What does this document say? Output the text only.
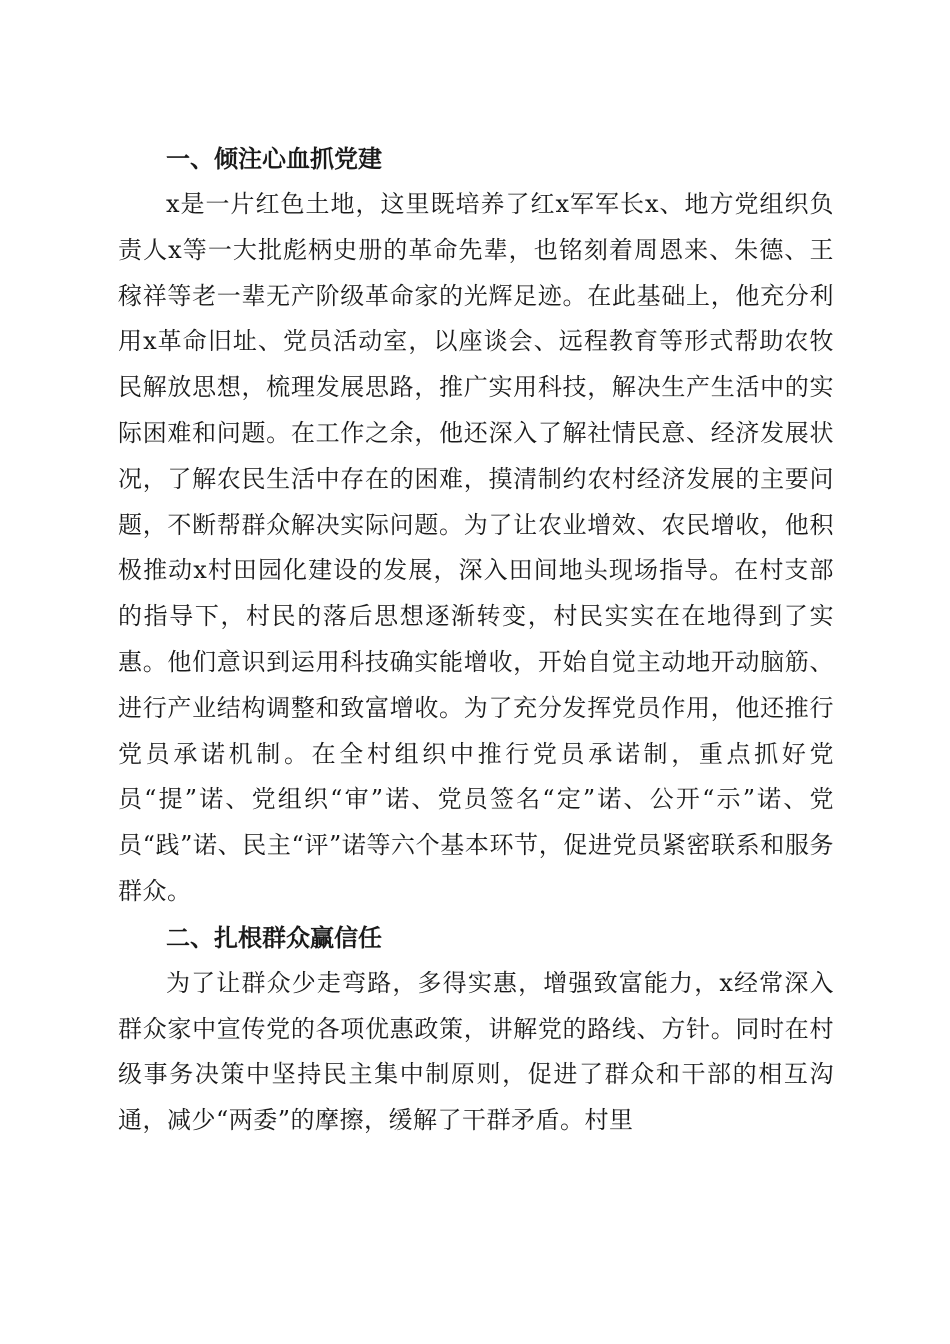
一、倾注心血抓党建

x是一片红色土地，这里既培养了红x军军长x、地方党组织负责人x等一大批彪柄史册的革命先辈，也铭刻着周恩来、朱德、王稼祥等老一辈无产阶级革命家的光辉足迹。在此基础上，他充分利用x革命旧址、党员活动室，以座谈会、远程教育等形式帮助农牧民解放思想，梳理发展思路，推广实用科技，解决生产生活中的实际困难和问题。在工作之余，他还深入了解社情民意、经济发展状况，了解农民生活中存在的困难，摸清制约农村经济发展的主要问题，不断帮群众解决实际问题。为了让农业增效、农民增收，他积极推动x村田园化建设的发展，深入田间地头现场指导。在村支部的指导下，村民的落后思想逐渐转变，村民实实在在地得到了实惠。他们意识到运用科技确实能增收，开始自觉主动地开动脑筋、进行产业结构调整和致富增收。为了充分发挥党员作用，他还推行党员承诺机制。在全村组织中推行党员承诺制，重点抓好党员“提”诺、党组织“审”诺、党员签名“定”诺、公开“示”诺、党员“践”诺、民主“评”诺等六个基本环节，促进党员紧密联系和服务群众。

二、扎根群众赢信任

为了让群众少走弯路，多得实惠，增强致富能力，x经常深入群众家中宣传党的各项优惠政策，讲解党的路线、方针。同时在村级事务决策中坚持民主集中制原则，促进了群众和干部的相互沟通，减少“两委”的摩擦，缓解了干群矛盾。村里
